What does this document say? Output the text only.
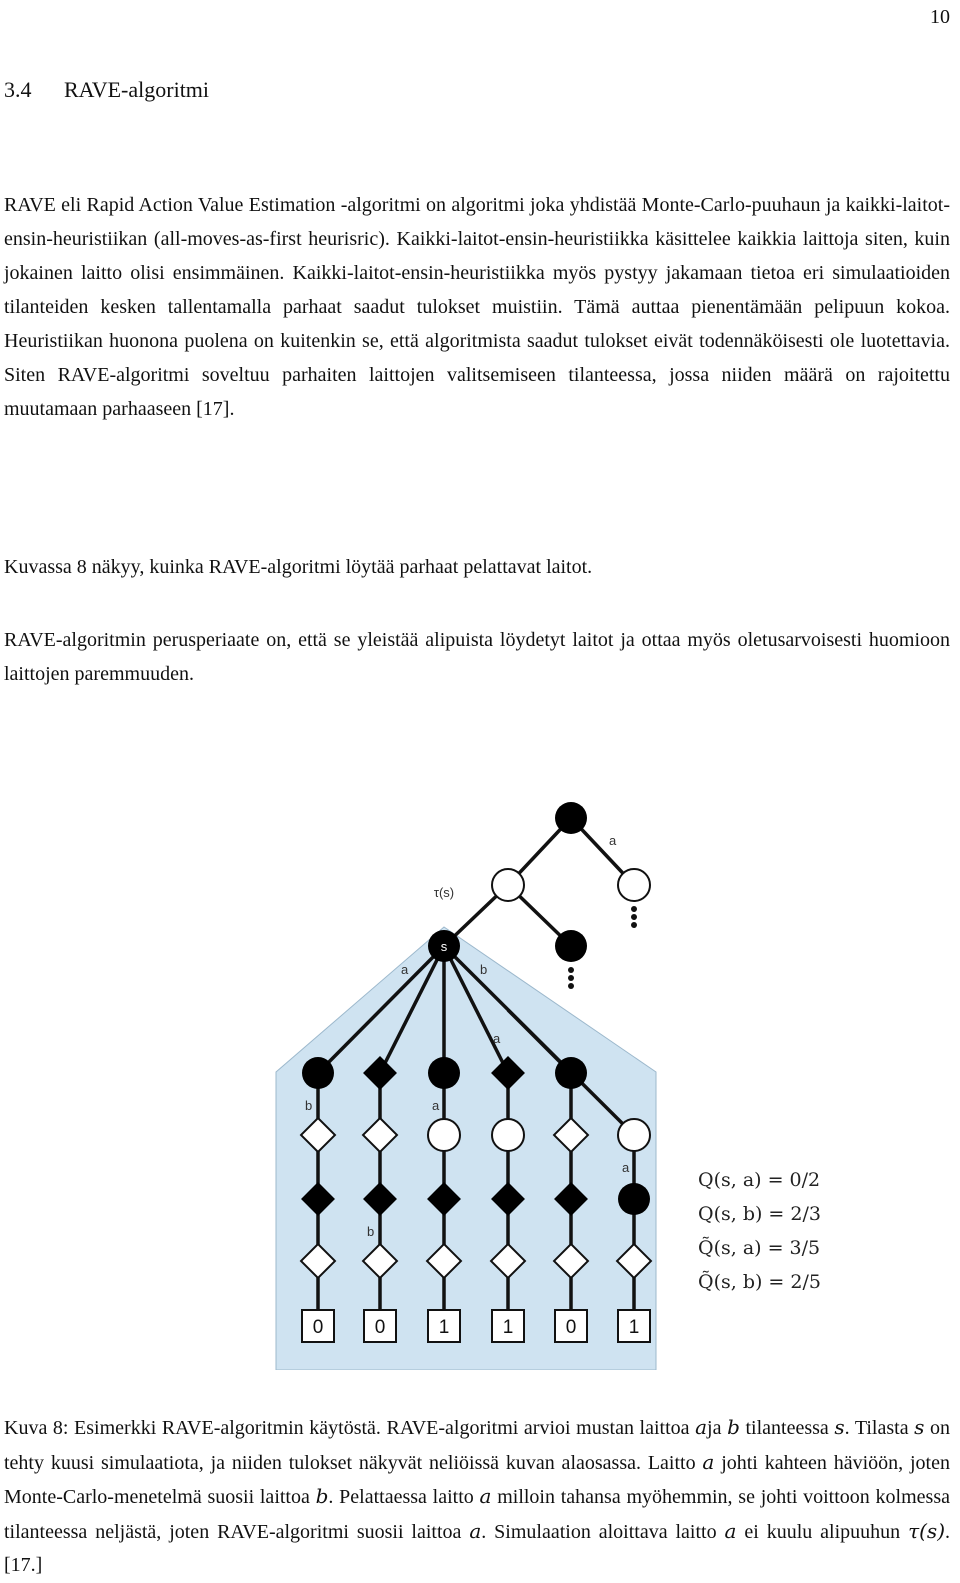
10
3.4 RAVE-algoritmi
RAVE eli Rapid Action Value Estimation -algoritmi on algoritmi joka yhdistää Monte-Carlo-puuhaun ja kaikki-laitot-ensin-heuristiikan (all-moves-as-first heurisric). Kaikki-laitot-ensin-heuristiikka käsittelee kaikkia laittoja siten, kuin jokainen laitto olisi ensimmäinen. Kaikki-laitot-ensin-heuristiikka myös pystyy jakamaan tietoa eri simulaatioiden tilanteiden kesken tallentamalla parhaat saadut tulokset muistiin. Tämä auttaa pienentämään pelipuun kokoa. Heuristiikan huonona puolena on kuitenkin se, että algoritmista saadut tulokset eivät todennäköisesti ole luotettavia. Siten RAVE-algoritmi soveltuu parhaiten laittojen valitsemiseen tilanteessa, jossa niiden määrä on rajoitettu muutamaan parhaaseen [17].
Kuvassa 8 näkyy, kuinka RAVE-algoritmi löytää parhaat pelattavat laitot.
RAVE-algoritmin perusperiaate on, että se yleistää alipuista löydetyt laitot ja ottaa myös oletusarvoisesti huomioon laittojen paremmuuden.
s
τ(s)
0	0	1	1	0	1
a
a	b
a
b	a
a
b
Q(s, a) = 0/2
Q(s, b) = 2/3
Q̃(s, a) = 3/5
Q̃(s, b) = 2/5
Kuva 8: Esimerkki RAVE-algoritmin käytöstä. RAVE-algoritmi arvioi mustan laittoa aja b tilanteessa s. Tilasta s on tehty kuusi simulaatiota, ja niiden tulokset näkyvät neliöissä kuvan alaosassa. Laitto a johti kahteen häviöön, joten Monte-Carlo-menetelmä suosii laittoa b. Pelattaessa laitto a milloin tahansa myöhemmin, se johti voittoon kolmessa tilanteessa neljästä, joten RAVE-algoritmi suosii laittoa a. Simulaation aloittava laitto a ei kuulu alipuuhun τ(s). [17.]
